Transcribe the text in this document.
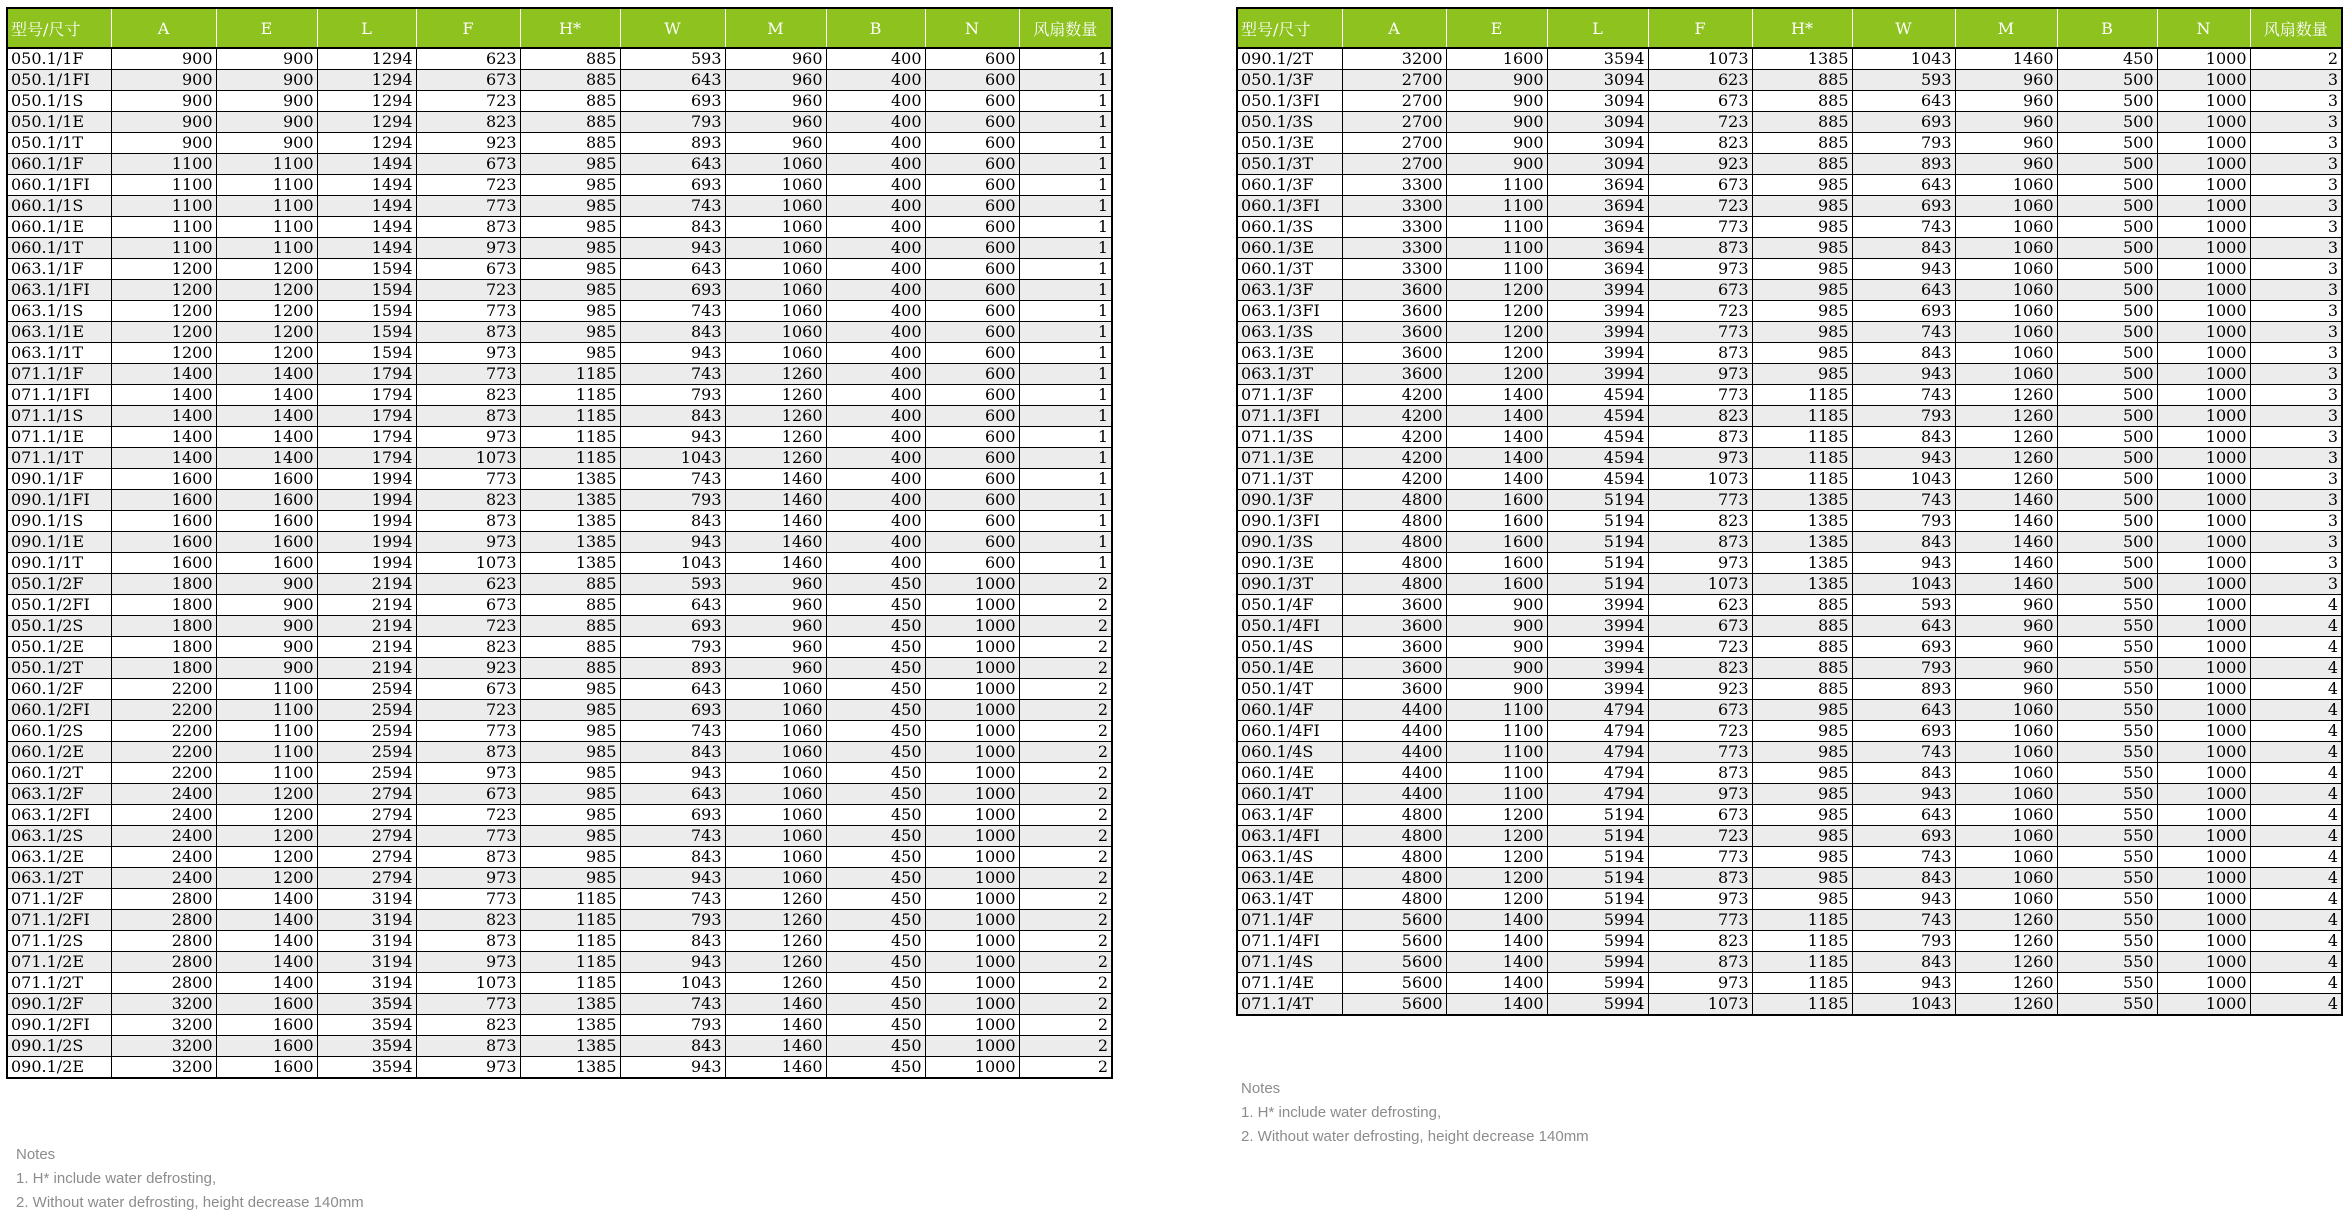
型号/尺寸	A	E	L	F	H*	W	M	B	N	风扇数量
050.1/1F	900	900	1294	623	885	593	960	400	600	1
050.1/1FI	900	900	1294	673	885	643	960	400	600	1
050.1/1S	900	900	1294	723	885	693	960	400	600	1
050.1/1E	900	900	1294	823	885	793	960	400	600	1
050.1/1T	900	900	1294	923	885	893	960	400	600	1
060.1/1F	1100	1100	1494	673	985	643	1060	400	600	1
060.1/1FI	1100	1100	1494	723	985	693	1060	400	600	1
060.1/1S	1100	1100	1494	773	985	743	1060	400	600	1
060.1/1E	1100	1100	1494	873	985	843	1060	400	600	1
060.1/1T	1100	1100	1494	973	985	943	1060	400	600	1
063.1/1F	1200	1200	1594	673	985	643	1060	400	600	1
063.1/1FI	1200	1200	1594	723	985	693	1060	400	600	1
063.1/1S	1200	1200	1594	773	985	743	1060	400	600	1
063.1/1E	1200	1200	1594	873	985	843	1060	400	600	1
063.1/1T	1200	1200	1594	973	985	943	1060	400	600	1
071.1/1F	1400	1400	1794	773	1185	743	1260	400	600	1
071.1/1FI	1400	1400	1794	823	1185	793	1260	400	600	1
071.1/1S	1400	1400	1794	873	1185	843	1260	400	600	1
071.1/1E	1400	1400	1794	973	1185	943	1260	400	600	1
071.1/1T	1400	1400	1794	1073	1185	1043	1260	400	600	1
090.1/1F	1600	1600	1994	773	1385	743	1460	400	600	1
090.1/1FI	1600	1600	1994	823	1385	793	1460	400	600	1
090.1/1S	1600	1600	1994	873	1385	843	1460	400	600	1
090.1/1E	1600	1600	1994	973	1385	943	1460	400	600	1
090.1/1T	1600	1600	1994	1073	1385	1043	1460	400	600	1
050.1/2F	1800	900	2194	623	885	593	960	450	1000	2
050.1/2FI	1800	900	2194	673	885	643	960	450	1000	2
050.1/2S	1800	900	2194	723	885	693	960	450	1000	2
050.1/2E	1800	900	2194	823	885	793	960	450	1000	2
050.1/2T	1800	900	2194	923	885	893	960	450	1000	2
060.1/2F	2200	1100	2594	673	985	643	1060	450	1000	2
060.1/2FI	2200	1100	2594	723	985	693	1060	450	1000	2
060.1/2S	2200	1100	2594	773	985	743	1060	450	1000	2
060.1/2E	2200	1100	2594	873	985	843	1060	450	1000	2
060.1/2T	2200	1100	2594	973	985	943	1060	450	1000	2
063.1/2F	2400	1200	2794	673	985	643	1060	450	1000	2
063.1/2FI	2400	1200	2794	723	985	693	1060	450	1000	2
063.1/2S	2400	1200	2794	773	985	743	1060	450	1000	2
063.1/2E	2400	1200	2794	873	985	843	1060	450	1000	2
063.1/2T	2400	1200	2794	973	985	943	1060	450	1000	2
071.1/2F	2800	1400	3194	773	1185	743	1260	450	1000	2
071.1/2FI	2800	1400	3194	823	1185	793	1260	450	1000	2
071.1/2S	2800	1400	3194	873	1185	843	1260	450	1000	2
071.1/2E	2800	1400	3194	973	1185	943	1260	450	1000	2
071.1/2T	2800	1400	3194	1073	1185	1043	1260	450	1000	2
090.1/2F	3200	1600	3594	773	1385	743	1460	450	1000	2
090.1/2FI	3200	1600	3594	823	1385	793	1460	450	1000	2
090.1/2S	3200	1600	3594	873	1385	843	1460	450	1000	2
090.1/2E	3200	1600	3594	973	1385	943	1460	450	1000	2
型号/尺寸	A	E	L	F	H*	W	M	B	N	风扇数量
090.1/2T	3200	1600	3594	1073	1385	1043	1460	450	1000	2
050.1/3F	2700	900	3094	623	885	593	960	500	1000	3
050.1/3FI	2700	900	3094	673	885	643	960	500	1000	3
050.1/3S	2700	900	3094	723	885	693	960	500	1000	3
050.1/3E	2700	900	3094	823	885	793	960	500	1000	3
050.1/3T	2700	900	3094	923	885	893	960	500	1000	3
060.1/3F	3300	1100	3694	673	985	643	1060	500	1000	3
060.1/3FI	3300	1100	3694	723	985	693	1060	500	1000	3
060.1/3S	3300	1100	3694	773	985	743	1060	500	1000	3
060.1/3E	3300	1100	3694	873	985	843	1060	500	1000	3
060.1/3T	3300	1100	3694	973	985	943	1060	500	1000	3
063.1/3F	3600	1200	3994	673	985	643	1060	500	1000	3
063.1/3FI	3600	1200	3994	723	985	693	1060	500	1000	3
063.1/3S	3600	1200	3994	773	985	743	1060	500	1000	3
063.1/3E	3600	1200	3994	873	985	843	1060	500	1000	3
063.1/3T	3600	1200	3994	973	985	943	1060	500	1000	3
071.1/3F	4200	1400	4594	773	1185	743	1260	500	1000	3
071.1/3FI	4200	1400	4594	823	1185	793	1260	500	1000	3
071.1/3S	4200	1400	4594	873	1185	843	1260	500	1000	3
071.1/3E	4200	1400	4594	973	1185	943	1260	500	1000	3
071.1/3T	4200	1400	4594	1073	1185	1043	1260	500	1000	3
090.1/3F	4800	1600	5194	773	1385	743	1460	500	1000	3
090.1/3FI	4800	1600	5194	823	1385	793	1460	500	1000	3
090.1/3S	4800	1600	5194	873	1385	843	1460	500	1000	3
090.1/3E	4800	1600	5194	973	1385	943	1460	500	1000	3
090.1/3T	4800	1600	5194	1073	1385	1043	1460	500	1000	3
050.1/4F	3600	900	3994	623	885	593	960	550	1000	4
050.1/4FI	3600	900	3994	673	885	643	960	550	1000	4
050.1/4S	3600	900	3994	723	885	693	960	550	1000	4
050.1/4E	3600	900	3994	823	885	793	960	550	1000	4
050.1/4T	3600	900	3994	923	885	893	960	550	1000	4
060.1/4F	4400	1100	4794	673	985	643	1060	550	1000	4
060.1/4FI	4400	1100	4794	723	985	693	1060	550	1000	4
060.1/4S	4400	1100	4794	773	985	743	1060	550	1000	4
060.1/4E	4400	1100	4794	873	985	843	1060	550	1000	4
060.1/4T	4400	1100	4794	973	985	943	1060	550	1000	4
063.1/4F	4800	1200	5194	673	985	643	1060	550	1000	4
063.1/4FI	4800	1200	5194	723	985	693	1060	550	1000	4
063.1/4S	4800	1200	5194	773	985	743	1060	550	1000	4
063.1/4E	4800	1200	5194	873	985	843	1060	550	1000	4
063.1/4T	4800	1200	5194	973	985	943	1060	550	1000	4
071.1/4F	5600	1400	5994	773	1185	743	1260	550	1000	4
071.1/4FI	5600	1400	5994	823	1185	793	1260	550	1000	4
071.1/4S	5600	1400	5994	873	1185	843	1260	550	1000	4
071.1/4E	5600	1400	5994	973	1185	943	1260	550	1000	4
071.1/4T	5600	1400	5994	1073	1185	1043	1260	550	1000	4
Notes
1. H* include water defrosting,
2. Without water defrosting, height decrease 140mm
Notes
1. H* include water defrosting,
2. Without water defrosting, height decrease 140mm
